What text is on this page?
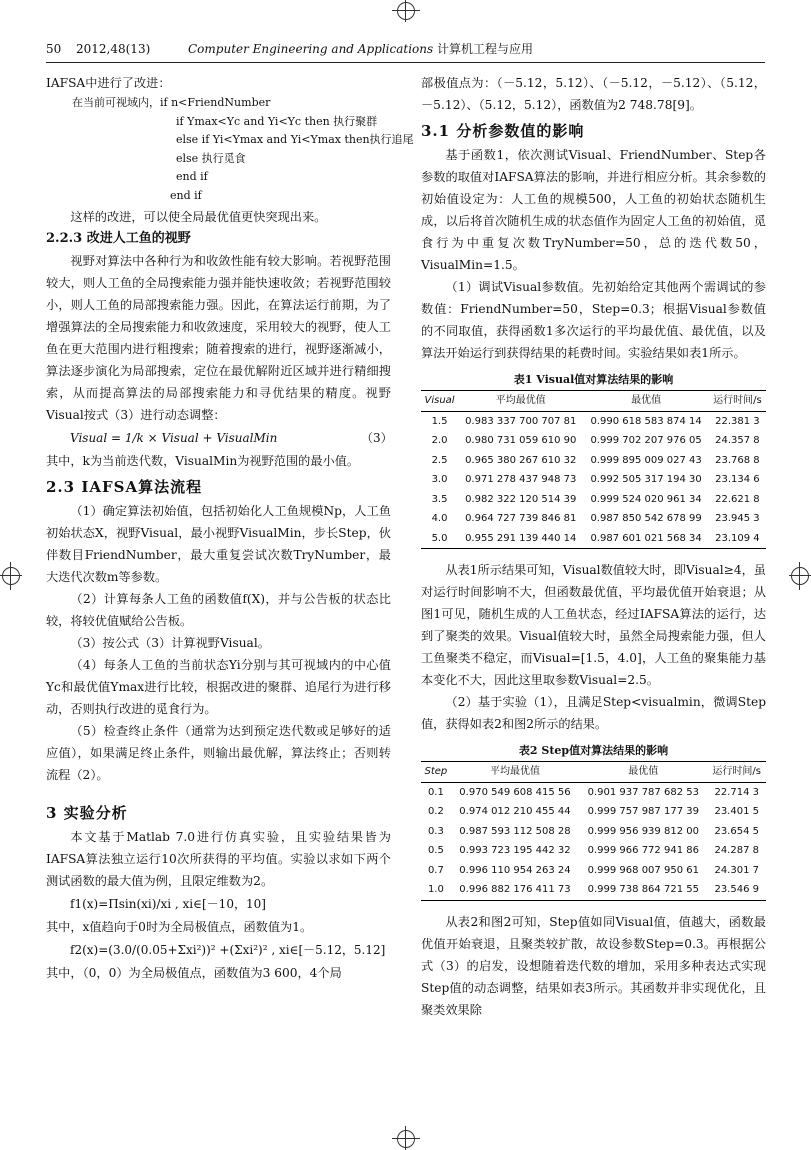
50	2012,48(13)	Computer Engineering and Applications 计算机工程与应用

IAFSA中进行了改进：

在当前可视域内，if n<FriendNumber
if Ymax<Yc and Yi<Yc then 执行聚群
else if Yi<Ymax and Yi<Ymax then执行追尾
else 执行觅食
end if
end if

这样的改进，可以使全局最优值更快突现出来。

2.2.3 改进人工鱼的视野

视野对算法中各种行为和收敛性能有较大影响。若视野范围较大，则人工鱼的全局搜索能力强并能快速收敛；若视野范围较小，则人工鱼的局部搜索能力强。因此，在算法运行前期，为了增强算法的全局搜索能力和收敛速度，采用较大的视野，使人工鱼在更大范围内进行粗搜索；随着搜索的进行，视野逐渐减小，算法逐步演化为局部搜索，定位在最优解附近区域并进行精细搜索，从而提高算法的局部搜索能力和寻优结果的精度。视野Visual按式（3）进行动态调整：

Visual = 1/k × Visual + VisualMin	（3）

其中，k为当前迭代数，VisualMin为视野范围的最小值。

2.3 IAFSA算法流程

（1）确定算法初始值，包括初始化人工鱼规模Np，人工鱼初始状态X，视野Visual，最小视野VisualMin，步长Step，伙伴数目FriendNumber，最大重复尝试次数TryNumber，最大迭代次数m等参数。

（2）计算每条人工鱼的函数值f(X)，并与公告板的状态比较，将较优值赋给公告板。

（3）按公式（3）计算视野Visual。

（4）每条人工鱼的当前状态Yi分别与其可视域内的中心值Yc和最优值Ymax进行比较，根据改进的聚群、追尾行为进行移动，否则执行改进的觅食行为。

（5）检查终止条件（通常为达到预定迭代数或足够好的适应值），如果满足终止条件，则输出最优解，算法终止；否则转流程（2）。

3 实验分析

本文基于Matlab 7.0进行仿真实验，且实验结果皆为IAFSA算法独立运行10次所获得的平均值。实验以求如下两个测试函数的最大值为例，且限定维数为2。

f1(x)=Πsin(xi)/xi , xi∈[－10，10]

其中，x值趋向于0时为全局极值点，函数值为1。

f2(x)=(3.0/(0.05+Σxi²))² +(Σxi²)² , xi∈[－5.12，5.12]

其中，（0，0）为全局极值点，函数值为3 600，4个局

部极值点为：（－5.12，5.12）、（－5.12，－5.12）、（5.12，－5.12）、（5.12，5.12），函数值为2 748.78[9]。

3.1 分析参数值的影响

基于函数1，依次测试Visual、FriendNumber、Step各参数的取值对IAFSA算法的影响，并进行相应分析。其余参数的初始值设定为：人工鱼的规模500，人工鱼的初始状态随机生成，以后将首次随机生成的状态值作为固定人工鱼的初始值，觅食行为中重复次数TryNumber=50，总的迭代数50，VisualMin=1.5。

（1）调试Visual参数值。先初始给定其他两个需调试的参数值：FriendNumber=50，Step=0.3；根据Visual参数值的不同取值，获得函数1多次运行的平均最优值、最优值，以及算法开始运行到获得结果的耗费时间。实验结果如表1所示。

表1 Visual值对算法结果的影响
Visual	平均最优值	最优值	运行时间/s
1.5	0.983 337 700 707 81	0.990 618 583 874 14	22.381 3
2.0	0.980 731 059 610 90	0.999 702 207 976 05	24.357 8
2.5	0.965 380 267 610 32	0.999 895 009 027 43	23.768 8
3.0	0.971 278 437 948 73	0.992 505 317 194 30	23.134 6
3.5	0.982 322 120 514 39	0.999 524 020 961 34	22.621 8
4.0	0.964 727 739 846 81	0.987 850 542 678 99	23.945 3
5.0	0.955 291 139 440 14	0.987 601 021 568 34	23.109 4

从表1所示结果可知，Visual数值较大时，即Visual≥4，虽对运行时间影响不大，但函数最优值，平均最优值开始衰退；从图1可见，随机生成的人工鱼状态，经过IAFSA算法的运行，达到了聚类的效果。Visual值较大时，虽然全局搜索能力强，但人工鱼聚类不稳定，而Visual=[1.5，4.0]，人工鱼的聚集能力基本变化不大，因此这里取参数Visual=2.5。

（2）基于实验（1），且满足Step<visualmin，微调Step值，获得如表2和图2所示的结果。

表2 Step值对算法结果的影响
Step	平均最优值	最优值	运行时间/s
0.1	0.970 549 608 415 56	0.901 937 787 682 53	22.714 3
0.2	0.974 012 210 455 44	0.999 757 987 177 39	23.401 5
0.3	0.987 593 112 508 28	0.999 956 939 812 00	23.654 5
0.5	0.993 723 195 442 32	0.999 966 772 941 86	24.287 8
0.7	0.996 110 954 263 24	0.999 968 007 950 61	24.301 7
1.0	0.996 882 176 411 73	0.999 738 864 721 55	23.546 9

从表2和图2可知，Step值如同Visual值，值越大，函数最优值开始衰退，且聚类较扩散，故设参数Step=0.3。再根据公式（3）的启发，设想随着迭代数的增加，采用多种表达式实现Step值的动态调整，结果如表3所示。其函数并非实现优化，且聚类效果除
